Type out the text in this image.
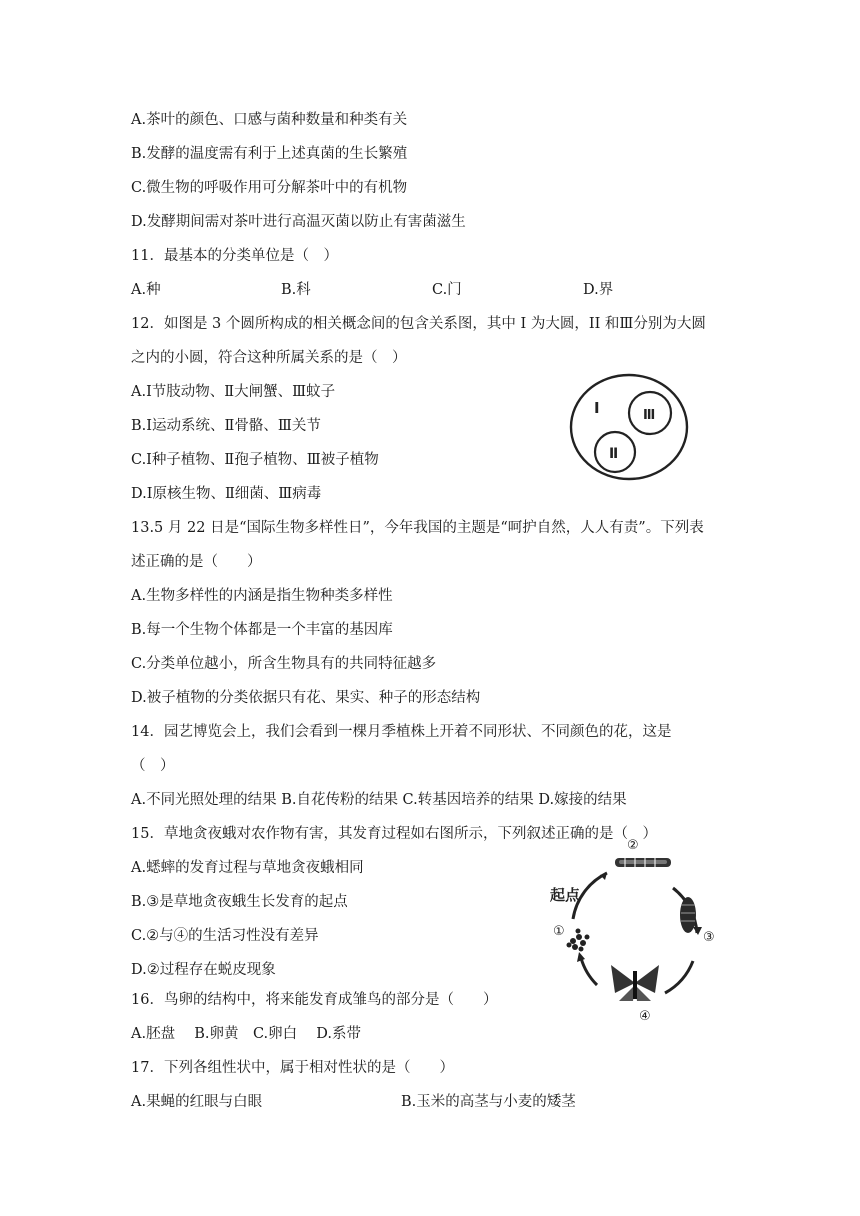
A.茶叶的颜色、口感与菌种数量和种类有关
B.发酵的温度需有利于上述真菌的生长繁殖
C.微生物的呼吸作用可分解茶叶中的有机物
D.发酵期间需对茶叶进行高温灭菌以防止有害菌滋生
11．最基本的分类单位是（　）
A.种	B.科	C.门	D.界
12．如图是 3 个圆所构成的相关概念间的包含关系图，其中 I 为大圆，II 和Ⅲ分别为大圆
之内的小圆，符合这种所属关系的是（　）
A.Ⅰ节肢动物、Ⅱ大闸蟹、Ⅲ蚊子
B.Ⅰ运动系统、Ⅱ骨骼、Ⅲ关节
C.Ⅰ种子植物、Ⅱ孢子植物、Ⅲ被子植物
D.Ⅰ原核生物、Ⅱ细菌、Ⅲ病毒
Ⅰ	Ⅲ
Ⅱ
13.5 月 22 日是“国际生物多样性日”，今年我国的主题是“呵护自然，人人有责”。下列表
述正确的是（　　）
A.生物多样性的内涵是指生物种类多样性
B.每一个生物个体都是一个丰富的基因库
C.分类单位越小，所含生物具有的共同特征越多
D.被子植物的分类依据只有花、果实、种子的形态结构
14．园艺博览会上，我们会看到一棵月季植株上开着不同形状、不同颜色的花，这是
（　）
A.不同光照处理的结果 B.自花传粉的结果 C.转基因培养的结果 D.嫁接的结果
15．草地贪夜蛾对农作物有害，其发育过程如右图所示，下列叙述正确的是（　）
A.蟋蟀的发育过程与草地贪夜蛾相同
B.③是草地贪夜蛾生长发育的起点
C.②与④的生活习性没有差异
D.②过程存在蜕皮现象
起点
②
③
④
①
16．鸟卵的结构中，将来能发育成雏鸟的部分是（　　）
A.胚盘　 B.卵黄　C.卵白　 D.系带
17．下列各组性状中，属于相对性状的是（　　）
A.果蝇的红眼与白眼	B.玉米的高茎与小麦的矮茎
